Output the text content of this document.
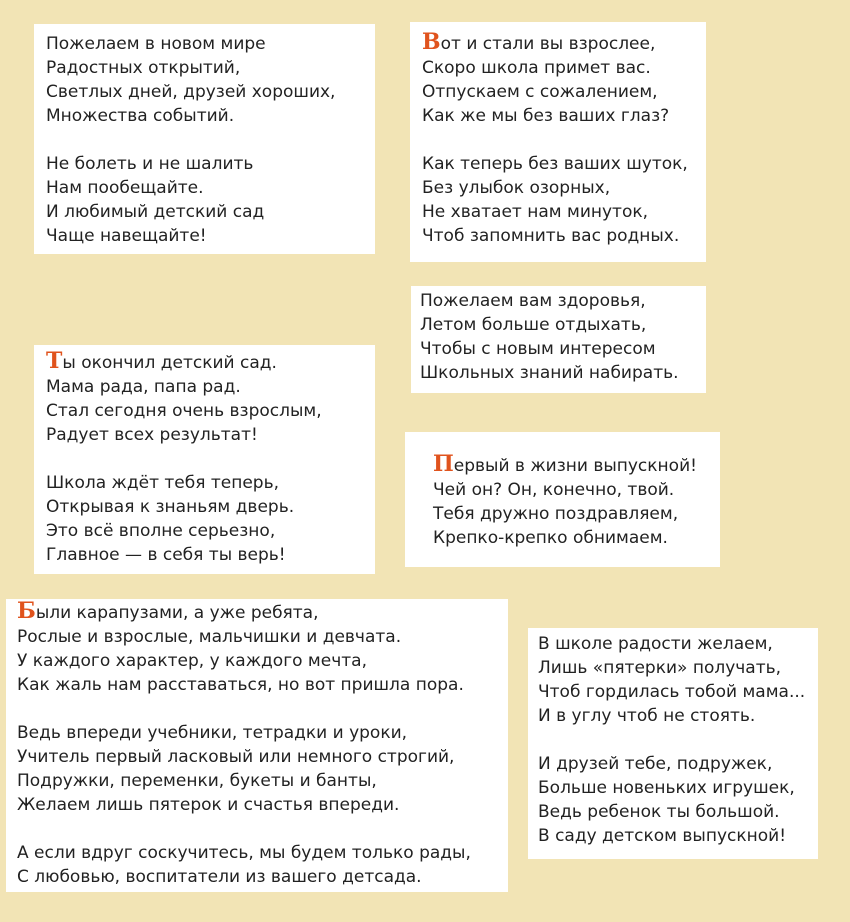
Пожелаем в новом мире
Радостных открытий,
Светлых дней, друзей хороших,
Множества событий.
Не болеть и не шалить
Нам пообещайте.
И любимый детский сад
Чаще навещайте!
Вот и стали вы взрослее,
Скоро школа примет вас.
Отпускаем с сожалением,
Как же мы без ваших глаз?
Как теперь без ваших шуток,
Без улыбок озорных,
Не хватает нам минуток,
Чтоб запомнить вас родных.
Пожелаем вам здоровья,
Летом больше отдыхать,
Чтобы с новым интересом
Школьных знаний набирать.
Ты окончил детский сад.
Мама рада, папа рад.
Стал сегодня очень взрослым,
Радует всех результат!
Школа ждёт тебя теперь,
Открывая к знаньям дверь.
Это всё вполне серьезно,
Главное — в себя ты верь!
Первый в жизни выпускной!
Чей он? Он, конечно, твой.
Тебя дружно поздравляем,
Крепко-крепко обнимаем.
Были карапузами, а уже ребята,
Рослые и взрослые, мальчишки и девчата.
У каждого характер, у каждого мечта,
Как жаль нам расставаться, но вот пришла пора.
Ведь впереди учебники, тетрадки и уроки,
Учитель первый ласковый или немного строгий,
Подружки, переменки, букеты и банты,
Желаем лишь пятерок и счастья впереди.
А если вдруг соскучитесь, мы будем только рады,
С любовью, воспитатели из вашего детсада.
В школе радости желаем,
Лишь «пятерки» получать,
Чтоб гордилась тобой мама...
И в углу чтоб не стоять.
И друзей тебе, подружек,
Больше новеньких игрушек,
Ведь ребенок ты большой.
В саду детском выпускной!
